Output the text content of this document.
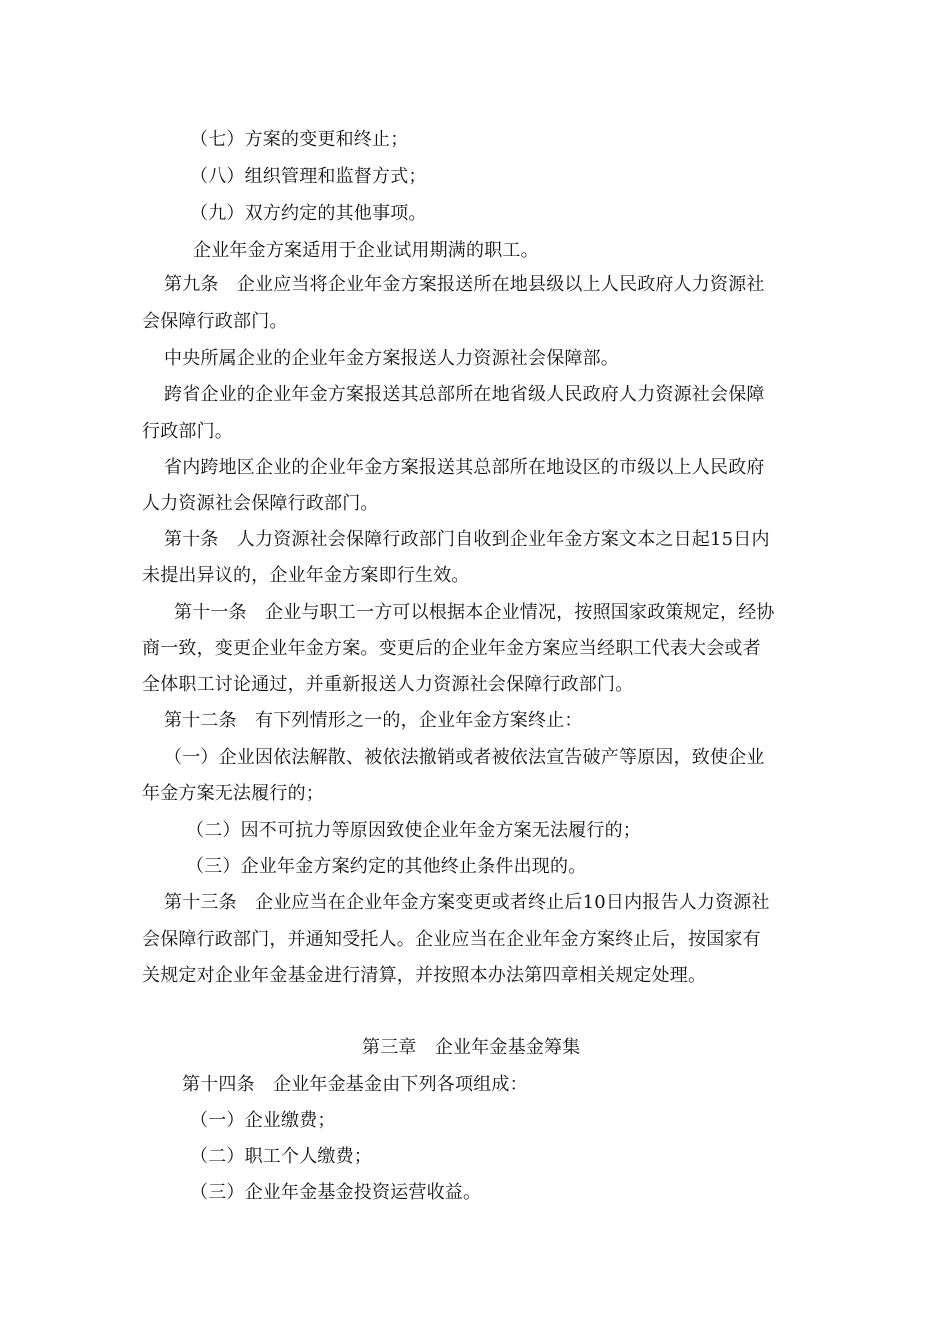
（七）方案的变更和终止；
（八）组织管理和监督方式；
（九）双方约定的其他事项。
企业年金方案适用于企业试用期满的职工。
第九条　企业应当将企业年金方案报送所在地县级以上人民政府人力资源社
会保障行政部门。
中央所属企业的企业年金方案报送人力资源社会保障部。
跨省企业的企业年金方案报送其总部所在地省级人民政府人力资源社会保障
行政部门。
省内跨地区企业的企业年金方案报送其总部所在地设区的市级以上人民政府
人力资源社会保障行政部门。
第十条　人力资源社会保障行政部门自收到企业年金方案文本之日起15日内
未提出异议的，企业年金方案即行生效。
第十一条　企业与职工一方可以根据本企业情况，按照国家政策规定，经协
商一致，变更企业年金方案。变更后的企业年金方案应当经职工代表大会或者
全体职工讨论通过，并重新报送人力资源社会保障行政部门。
第十二条　有下列情形之一的，企业年金方案终止：
（一）企业因依法解散、被依法撤销或者被依法宣告破产等原因，致使企业
年金方案无法履行的；
（二）因不可抗力等原因致使企业年金方案无法履行的；
（三）企业年金方案约定的其他终止条件出现的。
第十三条　企业应当在企业年金方案变更或者终止后10日内报告人力资源社
会保障行政部门，并通知受托人。企业应当在企业年金方案终止后，按国家有
关规定对企业年金基金进行清算，并按照本办法第四章相关规定处理。
第三章　企业年金基金筹集
第十四条　企业年金基金由下列各项组成：
（一）企业缴费；
（二）职工个人缴费；
（三）企业年金基金投资运营收益。
